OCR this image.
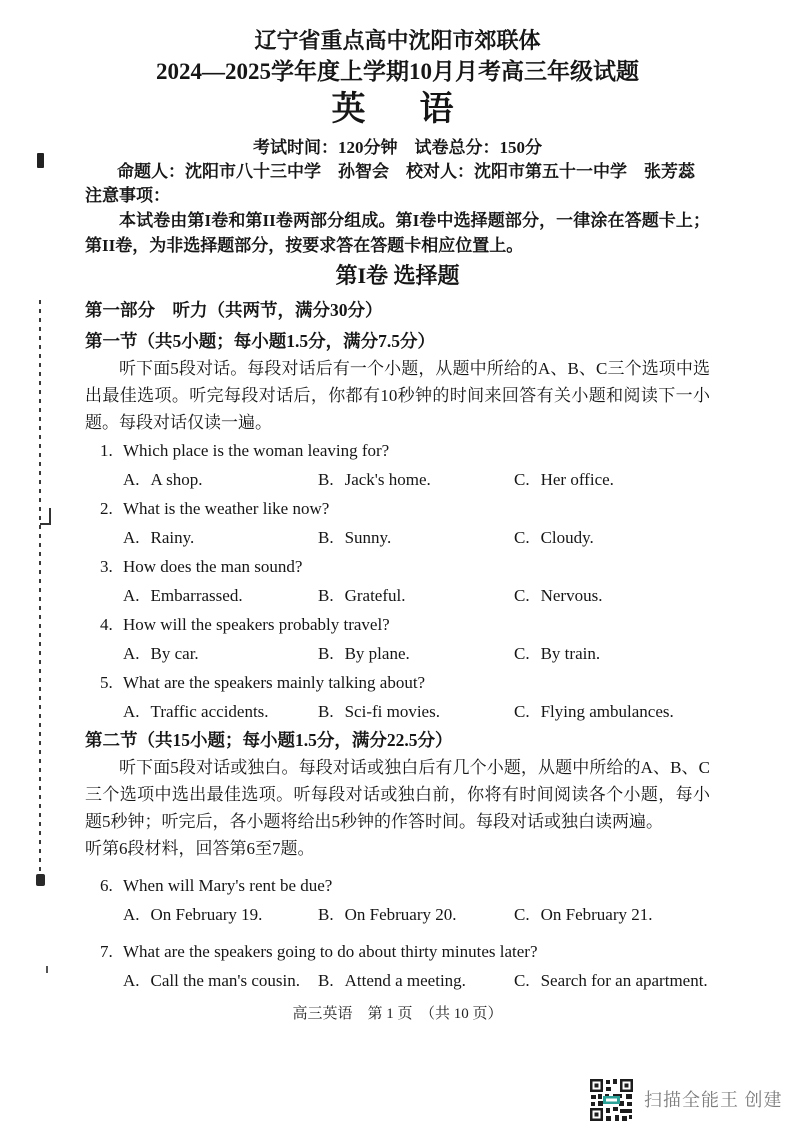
辽宁省重点高中沈阳市郊联体
2024—2025学年度上学期10月月考高三年级试题
英　语
考试时间：120分钟　试卷总分：150分
命题人：沈阳市八十三中学　孙智会　校对人：沈阳市第五十一中学　张芳蕊
注意事项：

本试卷由第I卷和第II卷两部分组成。第I卷中选择题部分，一律涂在答题卡上；第II卷，为非选择题部分，按要求答在答题卡相应位置上。

第I卷 选择题
第一部分　听力（共两节，满分30分）
第一节（共5小题；每小题1.5分，满分7.5分）

听下面5段对话。每段对话后有一个小题，从题中所给的A、B、C三个选项中选出最佳选项。听完每段对话后，你都有10秒钟的时间来回答有关小题和阅读下一小题。每段对话仅读一遍。

1. Which place is the woman leaving for?
A. A shop.	B. Jack's home.	C. Her office.
2. What is the weather like now?
A. Rainy.	B. Sunny.	C. Cloudy.
3. How does the man sound?
A. Embarrassed.	B. Grateful.	C. Nervous.
4. How will the speakers probably travel?
A. By car.	B. By plane.	C. By train.
5. What are the speakers mainly talking about?
A. Traffic accidents.	B. Sci-fi movies.	C. Flying ambulances.
第二节（共15小题；每小题1.5分，满分22.5分）

听下面5段对话或独白。每段对话或独白后有几个小题，从题中所给的A、B、C 三个选项中选出最佳选项。听每段对话或独白前，你将有时间阅读各个小题，每小题5秒钟；听完后，各小题将给出5秒钟的作答时间。每段对话或独白读两遍。

听第6段材料，回答第6至7题。

6. When will Mary's rent be due?
A. On February 19.	B. On February 20.	C. On February 21.
7. What are the speakers going to do about thirty minutes later?
A. Call the man's cousin.	B. Attend a meeting.	C. Search for an apartment.
高三英语　第 1 页　（共 10 页）
扫描全能王 创建
